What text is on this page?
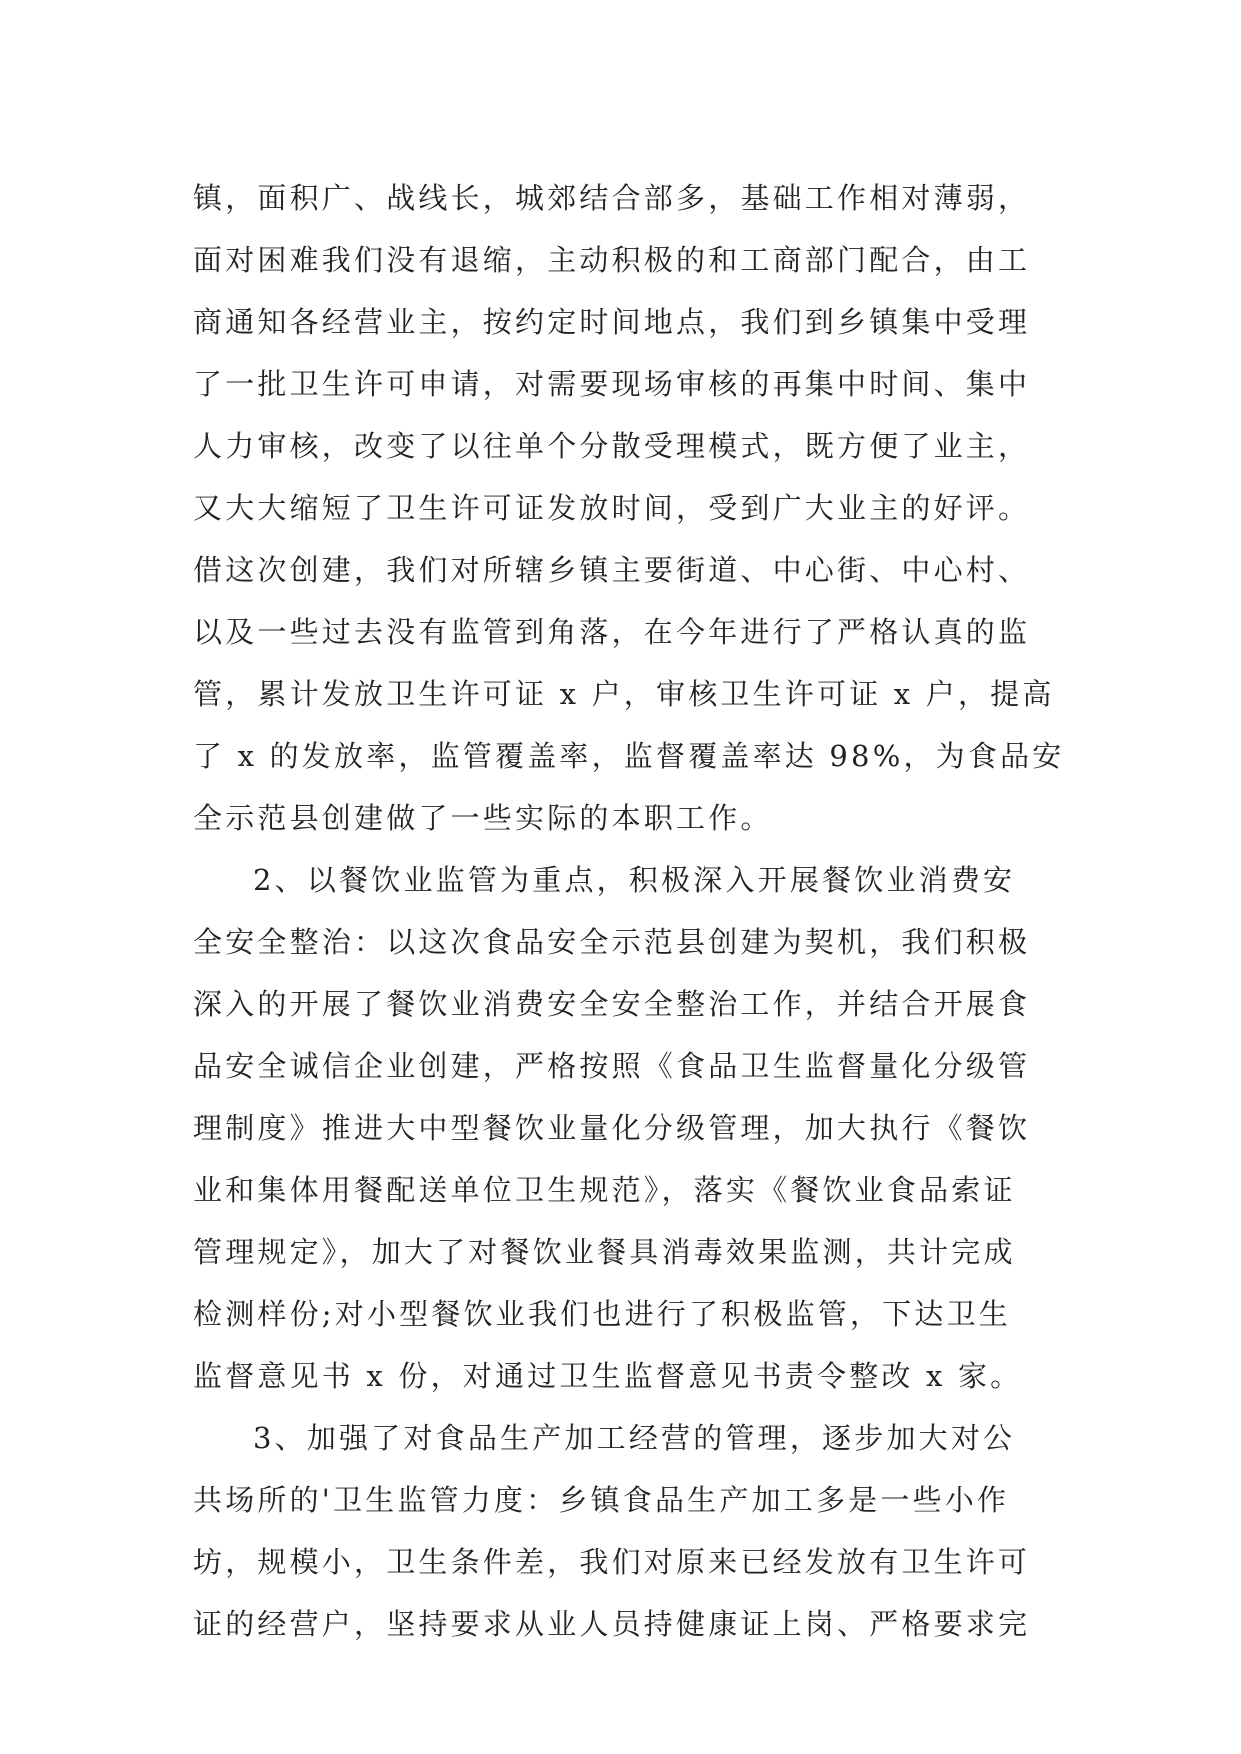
镇，面积广、战线长，城郊结合部多，基础工作相对薄弱，
面对困难我们没有退缩，主动积极的和工商部门配合，由工
商通知各经营业主，按约定时间地点，我们到乡镇集中受理
了一批卫生许可申请，对需要现场审核的再集中时间、集中
人力审核，改变了以往单个分散受理模式，既方便了业主，
又大大缩短了卫生许可证发放时间，受到广大业主的好评。
借这次创建，我们对所辖乡镇主要街道、中心街、中心村、
以及一些过去没有监管到角落，在今年进行了严格认真的监
管，累计发放卫生许可证 x 户，审核卫生许可证 x 户，提高
了 x 的发放率，监管覆盖率，监督覆盖率达 98%，为食品安
全示范县创建做了一些实际的本职工作。
2、以餐饮业监管为重点，积极深入开展餐饮业消费安
全安全整治：以这次食品安全示范县创建为契机，我们积极
深入的开展了餐饮业消费安全安全整治工作，并结合开展食
品安全诚信企业创建，严格按照《食品卫生监督量化分级管
理制度》推进大中型餐饮业量化分级管理，加大执行《餐饮
业和集体用餐配送单位卫生规范》，落实《餐饮业食品索证
管理规定》，加大了对餐饮业餐具消毒效果监测，共计完成
检测样份;对小型餐饮业我们也进行了积极监管，下达卫生
监督意见书 x 份，对通过卫生监督意见书责令整改 x 家。
3、加强了对食品生产加工经营的管理，逐步加大对公
共场所的'卫生监管力度：乡镇食品生产加工多是一些小作
坊，规模小，卫生条件差，我们对原来已经发放有卫生许可
证的经营户，坚持要求从业人员持健康证上岗、严格要求完
